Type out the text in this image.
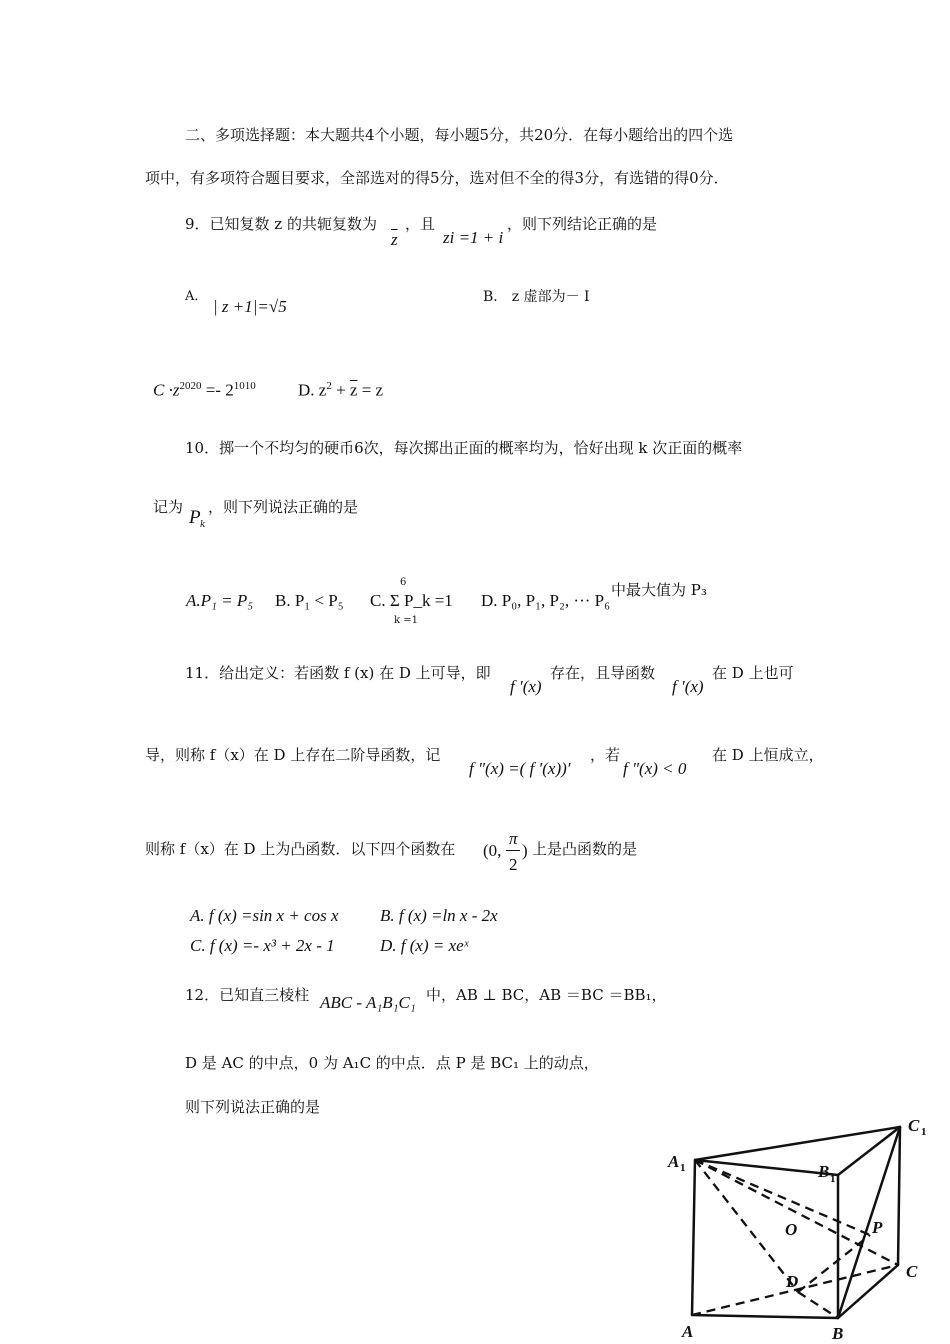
二、多项选择题：本大题共4个小题，每小题5分，共20分．在每小题给出的四个选
项中，有多项符合题目要求，全部选对的得5分，选对但不全的得3分，有选错的得0分．
9．已知复数 z 的共轭复数为
$\overline{z}$
，且
zi =1 + i
，则下列结论正确的是
A．
| z +1|=√5	B． z 虚部为－ I
$C \cdot z^{2020} =- 2^{1010}$ D. $z^2 + \overline{z} = z$
10．掷一个不均匀的硬币6次，每次掷出正面的概率均为，恰好出现 k 次正面的概率
记为 P k
，则下列说法正确的是
A.P₁ = P₅ B. P₁ < P₅ C. Σ P_k =1
6
k =1
D. P₀, P₁, P₂, ··· P₆
中最大值为 P₃
11．给出定义：若函数 f (x) 在 D 上可导，即
f ′(x)
存在，且导函数
f ′(x)
在 D 上也可
导，则称 f（x）在 D 上存在二阶导函数，记
f ″(x) =( f ′(x))′
，若
f ″(x) < 0
在 D 上恒成立，
则称 f（x）在 D 上为凸函数．以下四个函数在 (0,
π
2
) 上是凸函数的是
A. f (x) =sin x + cos x B. f (x) =ln x - 2x
C. f (x) =- x³ + 2x - 1	D. f (x) = xeˣ
12．已知直三棱柱 ABC - A₁B₁C₁ 中，AB ⊥ BC，AB ＝BC ＝BB₁，
D 是 AC 的中点，0 为 A₁C 的中点．点 P 是 BC₁ 上的动点，
则下列说法正确的是
A 1	B 1
C 1
O	P
C
D
A	B
